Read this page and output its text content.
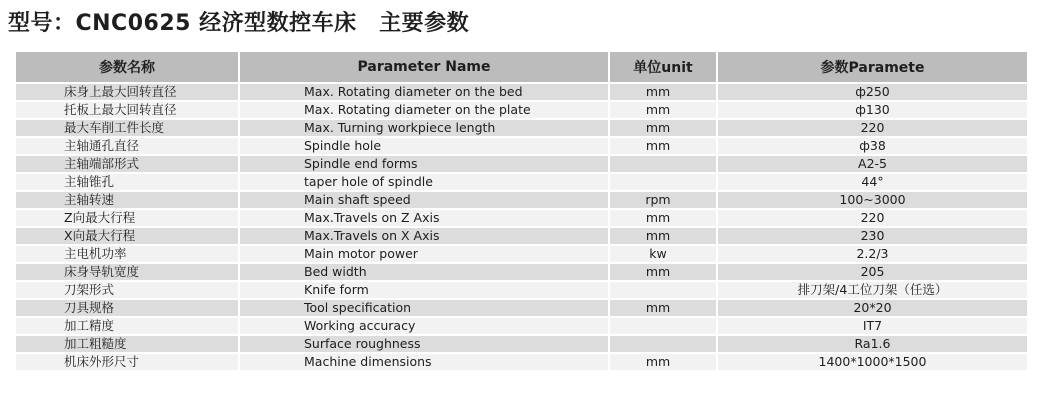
型号：CNC0625 经济型数控车床　主要参数
参数名称	Parameter Name	单位unit	参数Paramete
床身上最大回转直径	Max. Rotating diameter on the bed	mm	ф250
托板上最大回转直径	Max. Rotating diameter on the plate	mm	ф130
最大车削工件长度	Max. Turning workpiece length	mm	220
主轴通孔直径	Spindle hole	mm	ф38
主轴端部形式	Spindle end forms		A2-5
主轴锥孔	taper hole of spindle		44°
主轴转速	Main shaft speed	rpm	100~3000
Z向最大行程	Max.Travels on Z Axis	mm	220
X向最大行程	Max.Travels on X Axis	mm	230
主电机功率	Main motor power	kw	2.2/3
床身导轨宽度	Bed width	mm	205
刀架形式	Knife form		排刀架/4工位刀架（任选）
刀具规格	Tool specification	mm	20*20
加工精度	Working accuracy		IT7
加工粗糙度	Surface roughness		Ra1.6
机床外形尺寸	Machine dimensions	mm	1400*1000*1500
